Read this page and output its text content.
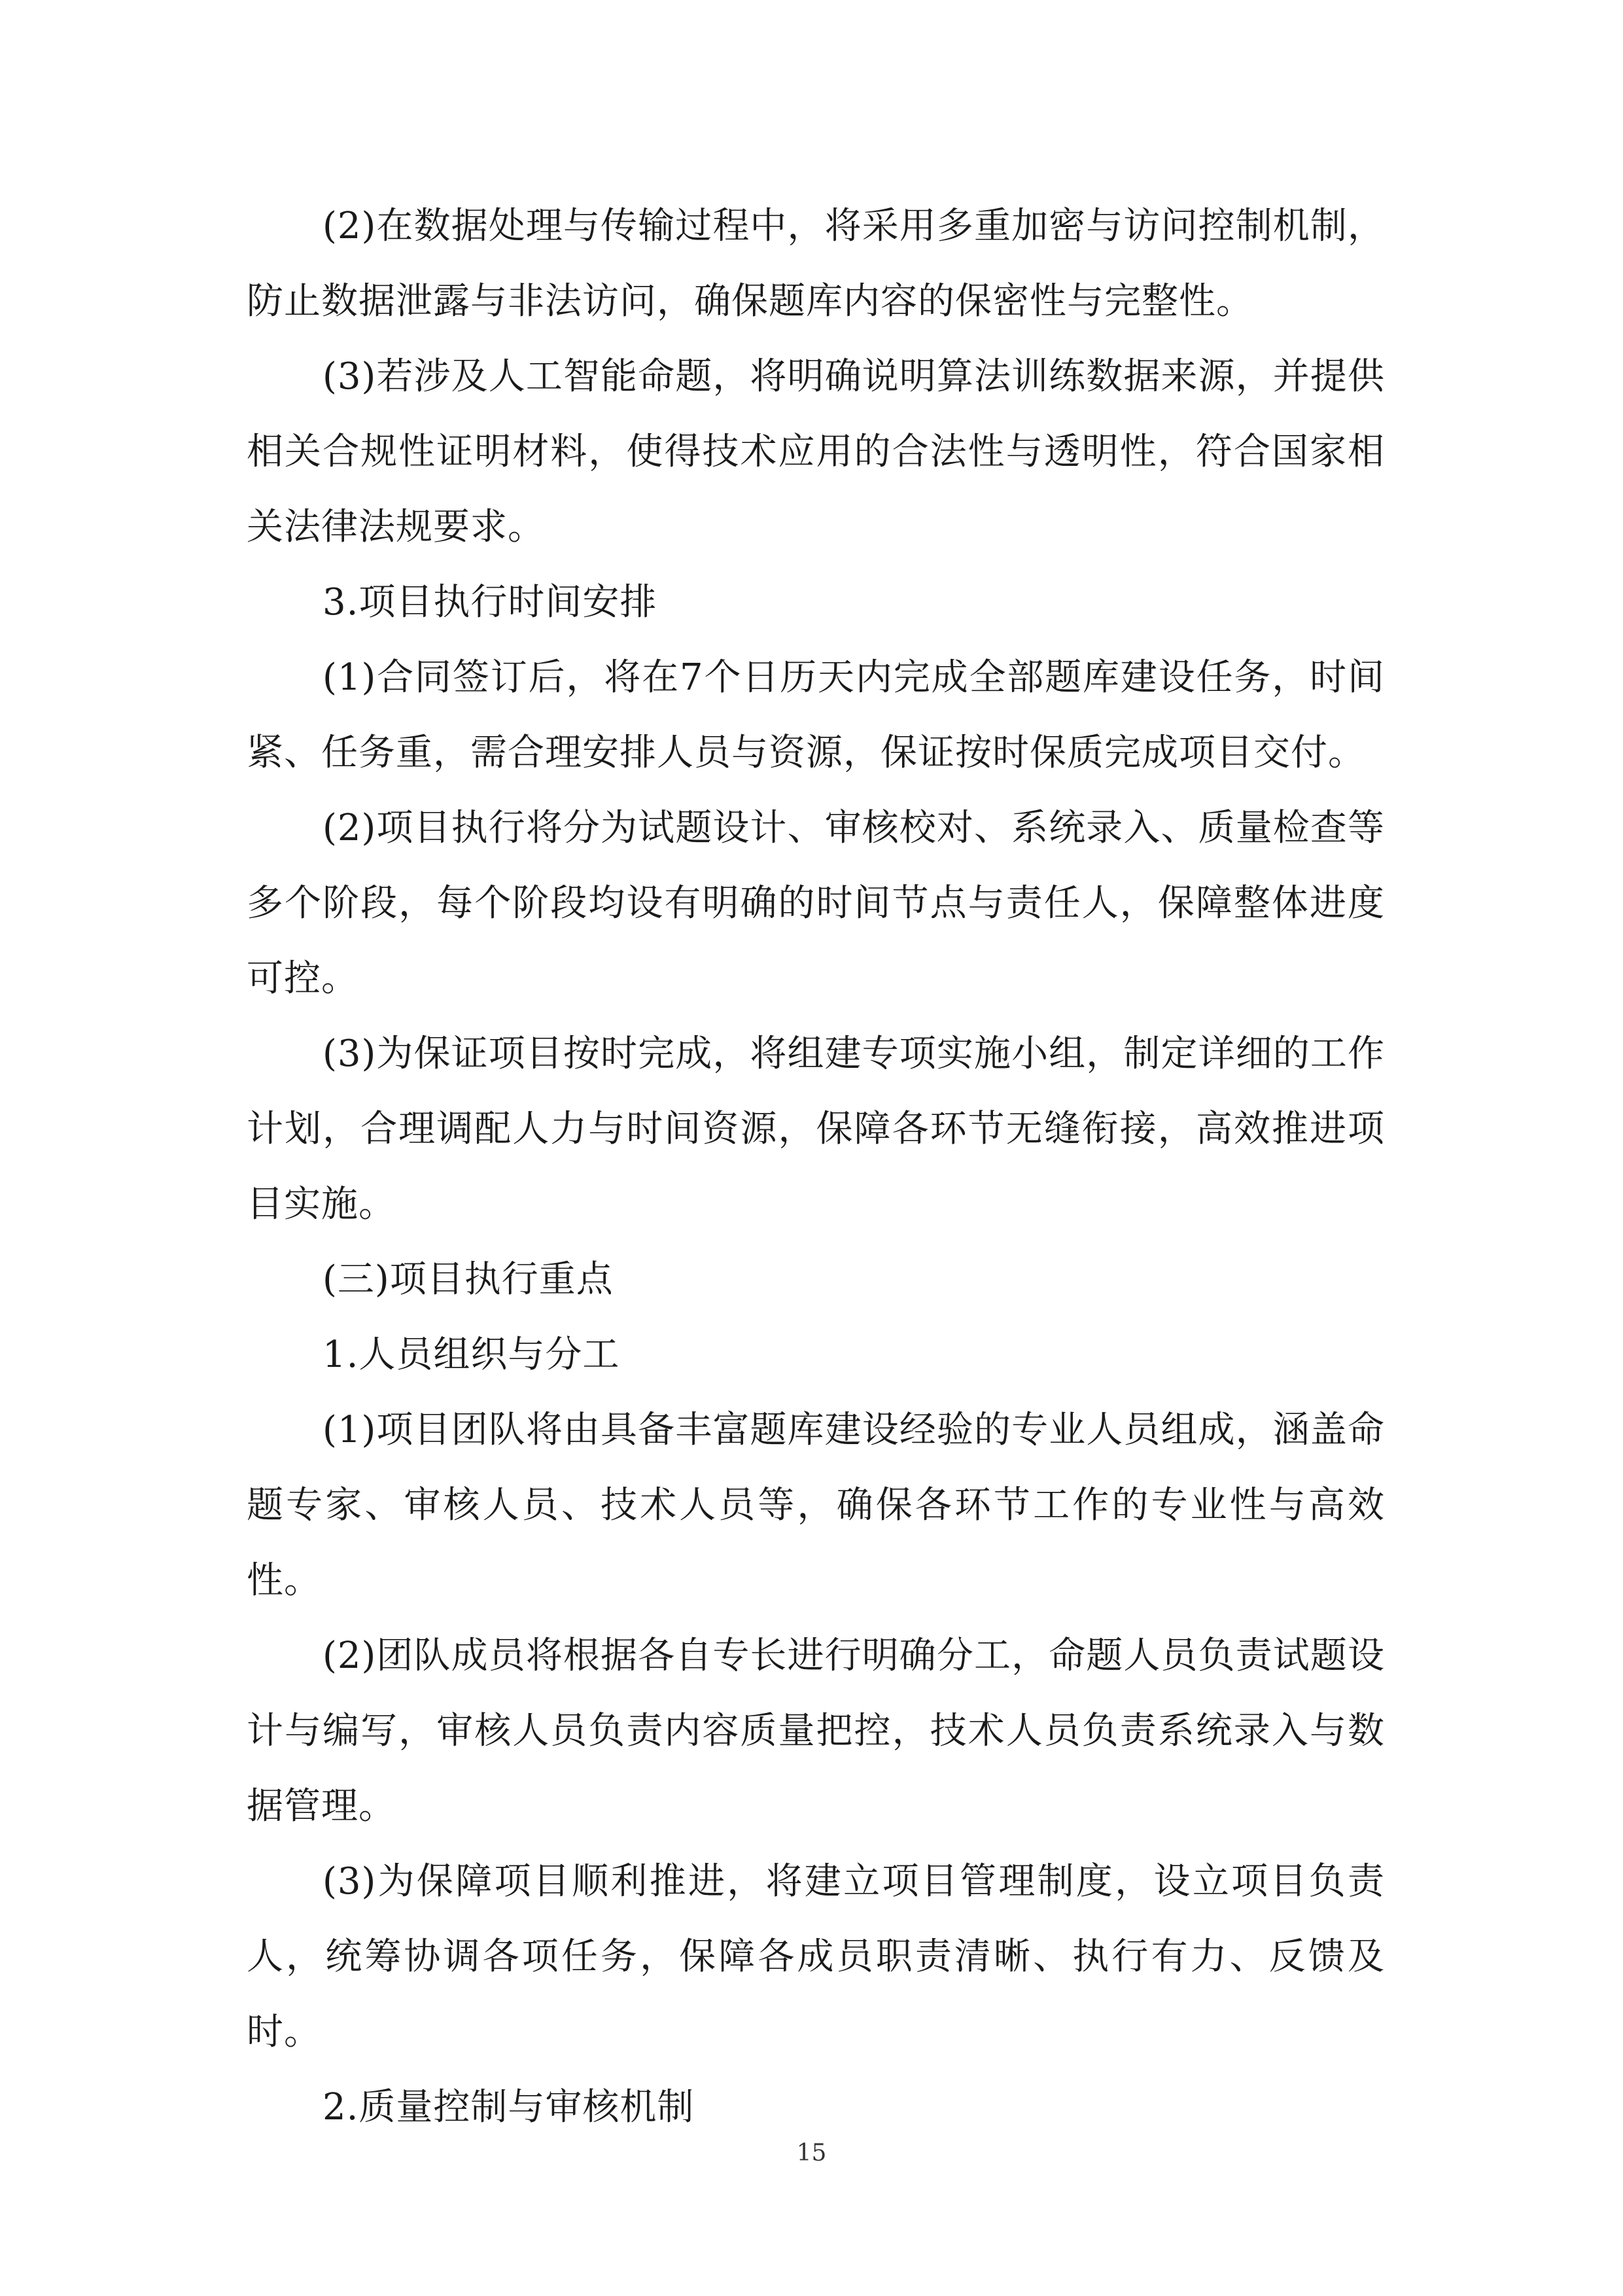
(2)在数据处理与传输过程中，将采用多重加密与访问控制机制，防止数据泄露与非法访问，确保题库内容的保密性与完整性。

(3)若涉及人工智能命题，将明确说明算法训练数据来源，并提供相关合规性证明材料，使得技术应用的合法性与透明性，符合国家相关法律法规要求。

3.项目执行时间安排

(1)合同签订后，将在7个日历天内完成全部题库建设任务，时间紧、任务重，需合理安排人员与资源，保证按时保质完成项目交付。

(2)项目执行将分为试题设计、审核校对、系统录入、质量检查等多个阶段，每个阶段均设有明确的时间节点与责任人，保障整体进度可控。

(3)为保证项目按时完成，将组建专项实施小组，制定详细的工作计划，合理调配人力与时间资源，保障各环节无缝衔接，高效推进项目实施。

(三)项目执行重点

1.人员组织与分工

(1)项目团队将由具备丰富题库建设经验的专业人员组成，涵盖命题专家、审核人员、技术人员等，确保各环节工作的专业性与高效性。

(2)团队成员将根据各自专长进行明确分工，命题人员负责试题设计与编写，审核人员负责内容质量把控，技术人员负责系统录入与数据管理。

(3)为保障项目顺利推进，将建立项目管理制度，设立项目负责人，统筹协调各项任务，保障各成员职责清晰、执行有力、反馈及时。

2.质量控制与审核机制

15
